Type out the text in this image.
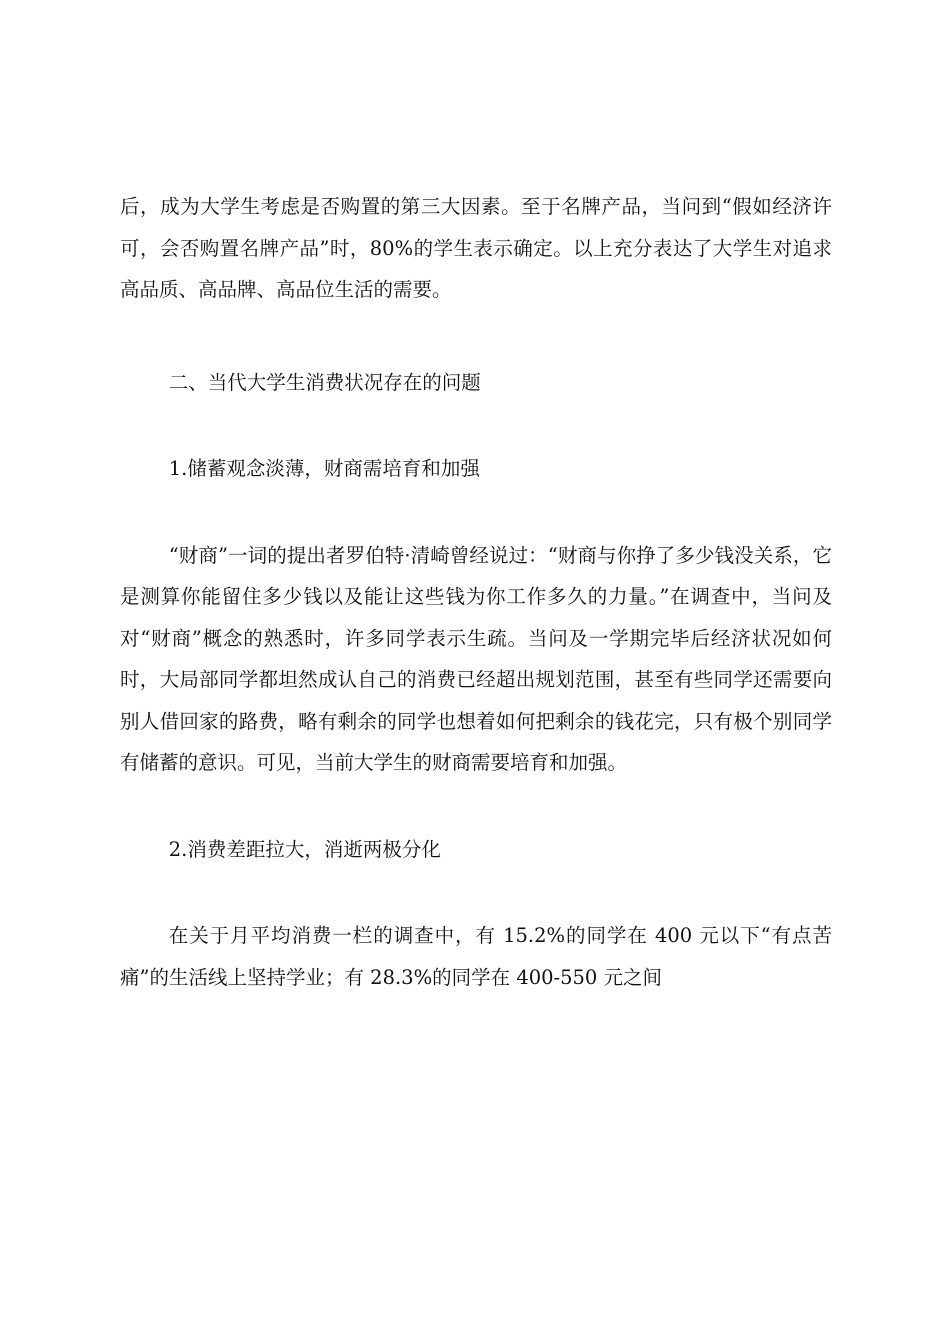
后，成为大学生考虑是否购置的第三大因素。至于名牌产品，当问到“假如经济许可，会否购置名牌产品”时，80%的学生表示确定。以上充分表达了大学生对追求高品质、高品牌、高品位生活的需要。

二、当代大学生消费状况存在的问题

1.储蓄观念淡薄，财商需培育和加强

“财商”一词的提出者罗伯特·清崎曾经说过：“财商与你挣了多少钱没关系，它是测算你能留住多少钱以及能让这些钱为你工作多久的力量。”在调查中，当问及对“财商”概念的熟悉时，许多同学表示生疏。当问及一学期完毕后经济状况如何时，大局部同学都坦然成认自己的消费已经超出规划范围，甚至有些同学还需要向别人借回家的路费，略有剩余的同学也想着如何把剩余的钱花完，只有极个别同学有储蓄的意识。可见，当前大学生的财商需要培育和加强。

2.消费差距拉大，消逝两极分化

在关于月平均消费一栏的调查中，有 15.2%的同学在 400 元以下“有点苦痛”的生活线上坚持学业；有 28.3%的同学在 400-550 元之间
